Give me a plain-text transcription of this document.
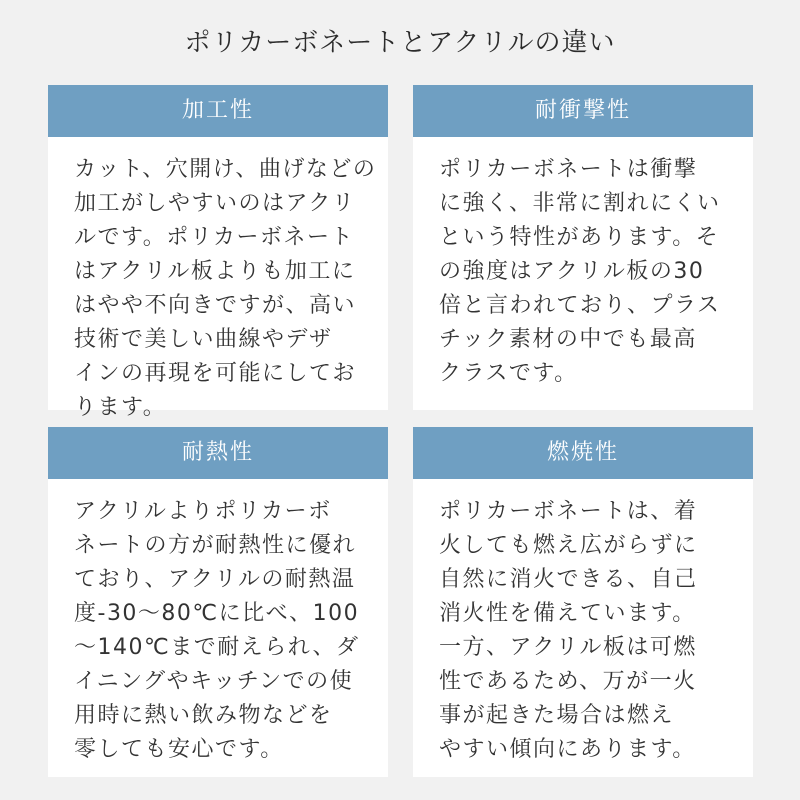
ポリカーボネートとアクリルの違い
加工性
カット、穴開け、曲げなどの
加工がしやすいのはアクリ
ルです。ポリカーボネート
はアクリル板よりも加工に
はやや不向きですが、高い
技術で美しい曲線やデザ
インの再現を可能にしてお
ります。
耐衝撃性
ポリカーボネートは衝撃
に強く、非常に割れにくい
という特性があります。そ
の強度はアクリル板の30
倍と言われており、プラス
チック素材の中でも最高
クラスです。
耐熱性
アクリルよりポリカーボ
ネートの方が耐熱性に優れ
ており、アクリルの耐熱温
度-30～80℃に比べ、100
～140℃まで耐えられ、ダ
イニングやキッチンでの使
用時に熱い飲み物などを
零しても安心です。
燃焼性
ポリカーボネートは、着
火しても燃え広がらずに
自然に消火できる、自己
消火性を備えています。
一方、アクリル板は可燃
性であるため、万が一火
事が起きた場合は燃え
やすい傾向にあります。
